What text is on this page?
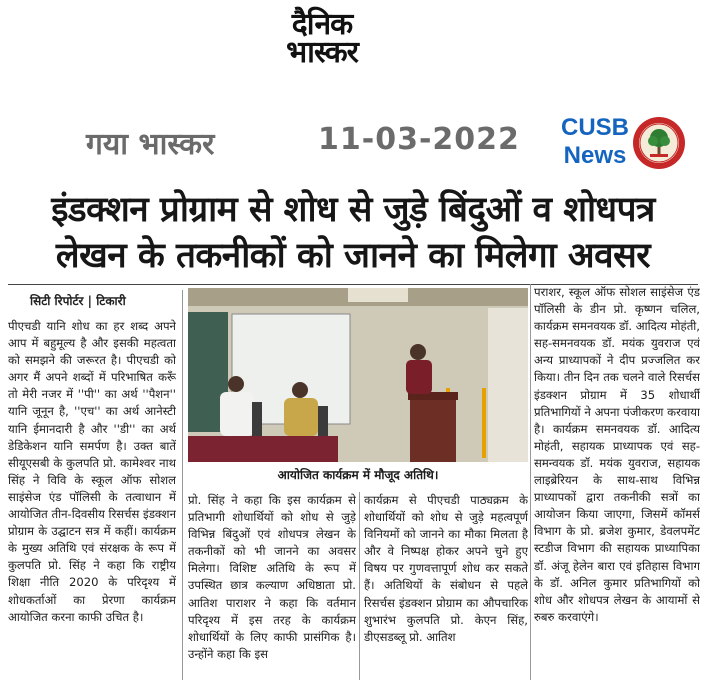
दैनिक
भास्कर
गया भास्कर	11-03-2022 CUSB
News
इंडक्शन प्रोग्राम से शोध से जुड़े बिंदुओं व शोधपत्र
लेखन के तकनीकों को जानने का मिलेगा अवसर
सिटी रिपोर्टर | टिकारी
आयोजित कार्यक्रम में मौजूद अतिथि।
पीएचडी यानि शोध का हर शब्द अपने आप में बहुमूल्य है और इसकी महत्वता को समझने की जरूरत है। पीएचडी को अगर मैं अपने शब्दों में परिभाषित करूँ तो मेरी नजर में ''पी'' का अर्थ ''पैशन'' यानि जूनून है, ''एच'' का अर्थ आनेस्टी यानि ईमानदारी है और ''डी'' का अर्थ डेडिकेशन यानि समर्पण है। उक्त बातें सीयूएसबी के कुलपति प्रो. कामेश्वर नाथ सिंह ने विवि के स्कूल ऑफ सोशल साइंसेज एंड पॉलिसी के तत्वाधान में आयोजित तीन-दिवसीय रिसर्चस इंडक्शन प्रोग्राम के उद्घाटन सत्र में कहीं। कार्यक्रम के मुख्य अतिथि एवं संरक्षक के रूप में कुलपति प्रो. सिंह ने कहा कि राष्ट्रीय शिक्षा नीति 2020 के परिदृश्य में शोधकर्ताओं का प्रेरणा कार्यक्रम आयोजित करना काफी उचित है।
प्रो. सिंह ने कहा कि इस कार्यक्रम से प्रतिभागी शोधार्थियों को शोध से जुड़े विभिन्न बिंदुओं एवं शोधपत्र लेखन के तकनीकों को भी जानने का अवसर मिलेगा। विशिष्ट अतिथि के रूप में उपस्थित छात्र कल्याण अधिष्ठाता प्रो. आतिश पाराशर ने कहा कि वर्तमान परिदृश्य में इस तरह के कार्यक्रम शोधार्थियों के लिए काफी प्रासंगिक है। उन्होंने कहा कि इस
कार्यक्रम से पीएचडी पाठ्यक्रम के शोधार्थियों को शोध से जुड़े महत्वपूर्ण विनियमों को जानने का मौका मिलता है और वे निष्पक्ष होकर अपने चुने हुए विषय पर गुणवत्तापूर्ण शोध कर सकते हैं। अतिथियों के संबोधन से पहले रिसर्चस इंडक्शन प्रोग्राम का औपचारिक शुभारंभ कुलपति प्रो. केएन सिंह, डीएसडब्लू प्रो. आतिश
पराशर, स्कूल ऑफ सोशल साइंसेज एंड पॉलिसी के डीन प्रो. कृष्णन चलिल, कार्यक्रम समनवयक डॉ. आदित्य मोहंती, सह-समनवयक डॉ. मयंक युवराज एवं अन्य प्राध्यापकों ने दीप प्रज्जलित कर किया। तीन दिन तक चलने वाले रिसर्चस इंडक्शन प्रोग्राम में 35 शोधार्थी प्रतिभागियों ने अपना पंजीकरण करवाया है। कार्यक्रम समनवयक डॉ. आदित्य मोहंती, सहायक प्राध्यापक एवं सह-समन्वयक डॉ. मयंक युवराज, सहायक लाइब्रेरियन के साथ-साथ विभिन्न प्राध्यापकों द्वारा तकनीकी सत्रों का आयोजन किया जाएगा, जिसमें कॉमर्स विभाग के प्रो. ब्रजेश कुमार, डेवलपमेंट स्टडीज विभाग की सहायक प्राध्यापिका डॉ. अंजू हेलेन बारा एवं इतिहास विभाग के डॉ. अनिल कुमार प्रतिभागियों को शोध और शोधपत्र लेखन के आयामों से रुबरु करवाएंगे।
